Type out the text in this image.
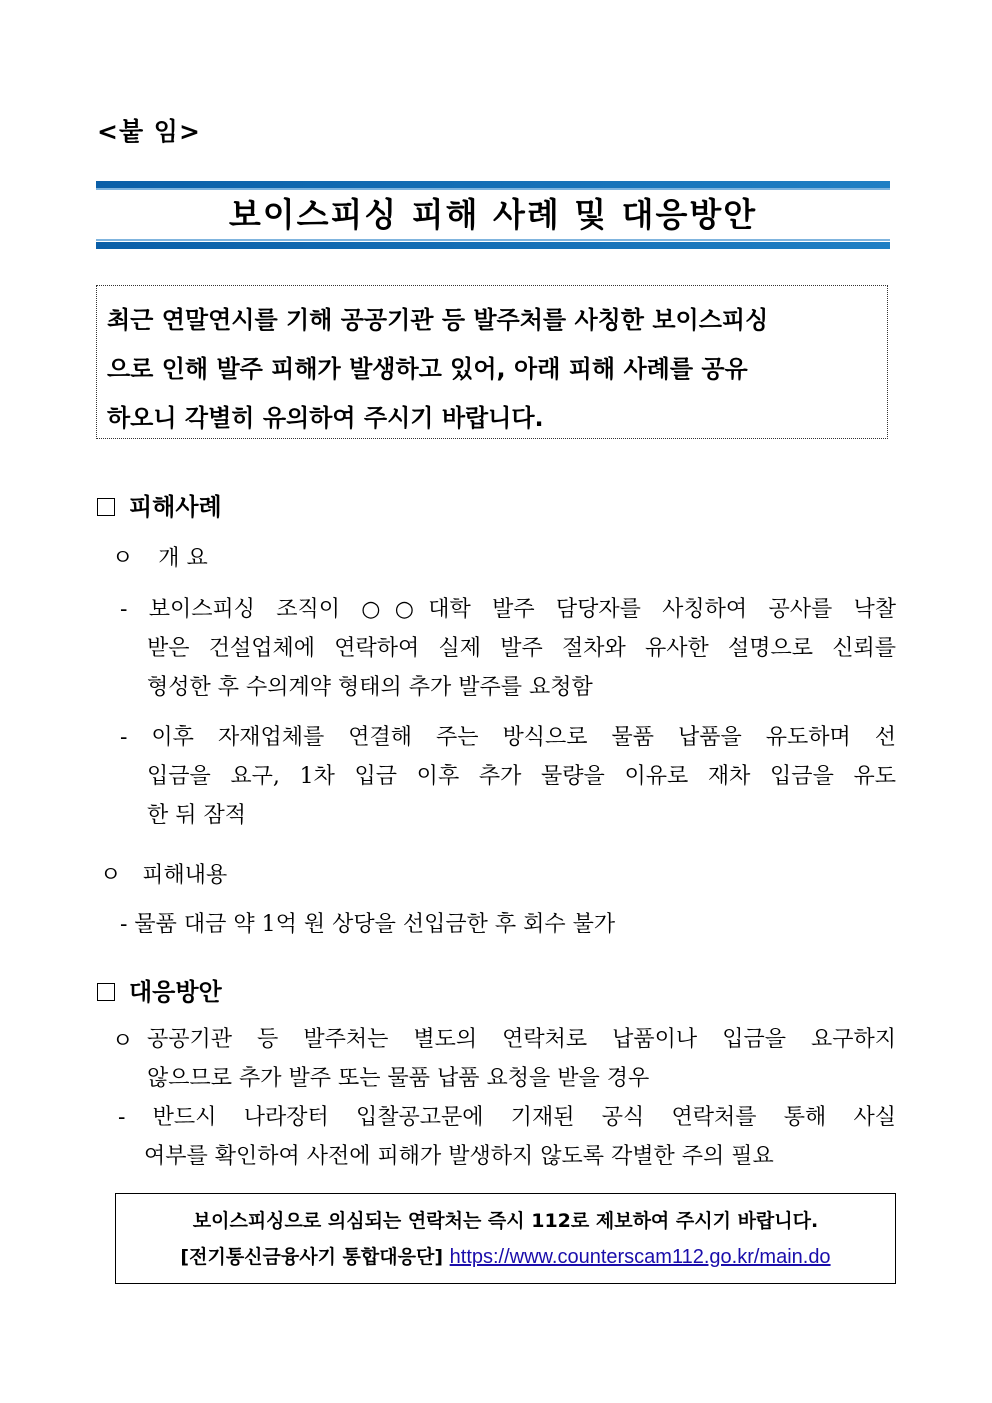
<붙 임>
보이스피싱 피해 사례 및 대응방안
최근 연말연시를 기해 공공기관 등 발주처를 사칭한 보이스피싱
으로 인해 발주 피해가 발생하고 있어, 아래 피해 사례를 공유
하오니 각별히 유의하여 주시기 바랍니다.
피해사례
ㅇ 개 요
- 보이스피싱 조직이 ○○대학 발주 담당자를 사칭하여 공사를 낙찰
받은 건설업체에 연락하여 실제 발주 절차와 유사한 설명으로 신뢰를
형성한 후 수의계약 형태의 추가 발주를 요청함
- 이후 자재업체를 연결해 주는 방식으로 물품 납품을 유도하며 선
입금을 요구, 1차 입금 이후 추가 물량을 이유로 재차 입금을 유도
한 뒤 잠적
ㅇ 피해내용
- 물품 대금 약 1억 원 상당을 선입금한 후 회수 불가
대응방안
ㅇ 공공기관 등 발주처는 별도의 연락처로 납품이나 입금을 요구하지
않으므로 추가 발주 또는 물품 납품 요청을 받을 경우
- 반드시 나라장터 입찰공고문에 기재된 공식 연락처를 통해 사실
여부를 확인하여 사전에 피해가 발생하지 않도록 각별한 주의 필요
보이스피싱으로 의심되는 연락처는 즉시 112로 제보하여 주시기 바랍니다.
[전기통신금융사기 통합대응단] https://www.counterscam112.go.kr/main.do
